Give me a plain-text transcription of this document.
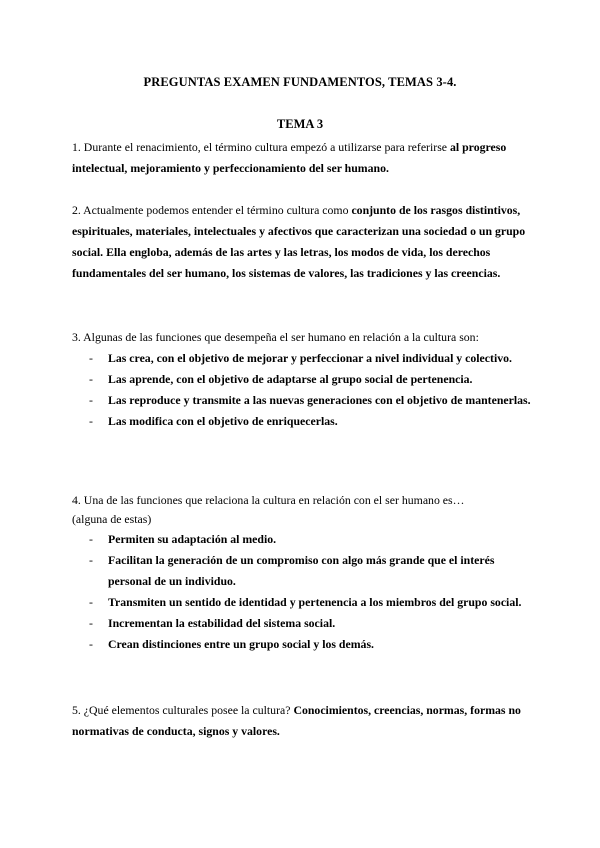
PREGUNTAS EXAMEN FUNDAMENTOS, TEMAS 3-4.
TEMA 3

1. Durante el renacimiento, el término cultura empezó a utilizarse para referirse al progreso intelectual, mejoramiento y perfeccionamiento del ser humano.

2. Actualmente podemos entender el término cultura como conjunto de los rasgos distintivos, espirituales, materiales, intelectuales y afectivos que caracterizan una sociedad o un grupo social. Ella engloba, además de las artes y las letras, los modos de vida, los derechos fundamentales del ser humano, los sistemas de valores, las tradiciones y las creencias.

3. Algunas de las funciones que desempeña el ser humano en relación a la cultura son:
- Las crea, con el objetivo de mejorar y perfeccionar a nivel individual y colectivo.
- Las aprende, con el objetivo de adaptarse al grupo social de pertenencia.
- Las reproduce y transmite a las nuevas generaciones con el objetivo de mantenerlas.
- Las modifica con el objetivo de enriquecerlas.
4. Una de las funciones que relaciona la cultura en relación con el ser humano es…
(alguna de estas)
- Permiten su adaptación al medio.
- Facilitan la generación de un compromiso con algo más grande que el interés personal de un individuo.
- Transmiten un sentido de identidad y pertenencia a los miembros del grupo social.
- Incrementan la estabilidad del sistema social.
- Crean distinciones entre un grupo social y los demás.

5. ¿Qué elementos culturales posee la cultura? Conocimientos, creencias, normas, formas no normativas de conducta, signos y valores.
